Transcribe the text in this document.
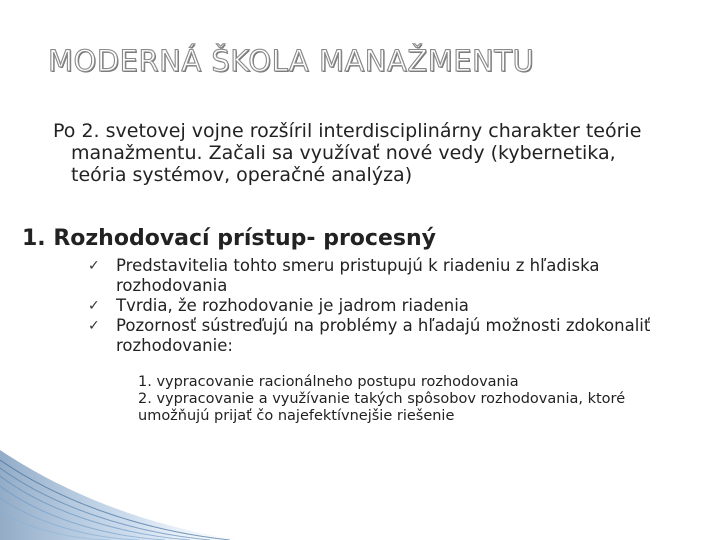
MODERNÁ ŠKOLA MANAŽMENTU
Po 2. svetovej vojne rozšíril interdisciplinárny charakter teórie manažmentu. Začali sa využívať nové vedy (kybernetika, teória systémov, operačné analýza)
1. Rozhodovací prístup- procesný
✓ Predstavitelia tohto smeru pristupujú k riadeniu z hľadiska rozhodovania
✓ Tvrdia, že rozhodovanie je jadrom riadenia
✓ Pozornosť sústreďujú na problémy a hľadajú možnosti zdokonaliť rozhodovanie:
1. vypracovanie racionálneho postupu rozhodovania
2. vypracovanie a využívanie takých spôsobov rozhodovania, ktoré umožňujú prijať čo najefektívnejšie riešenie
